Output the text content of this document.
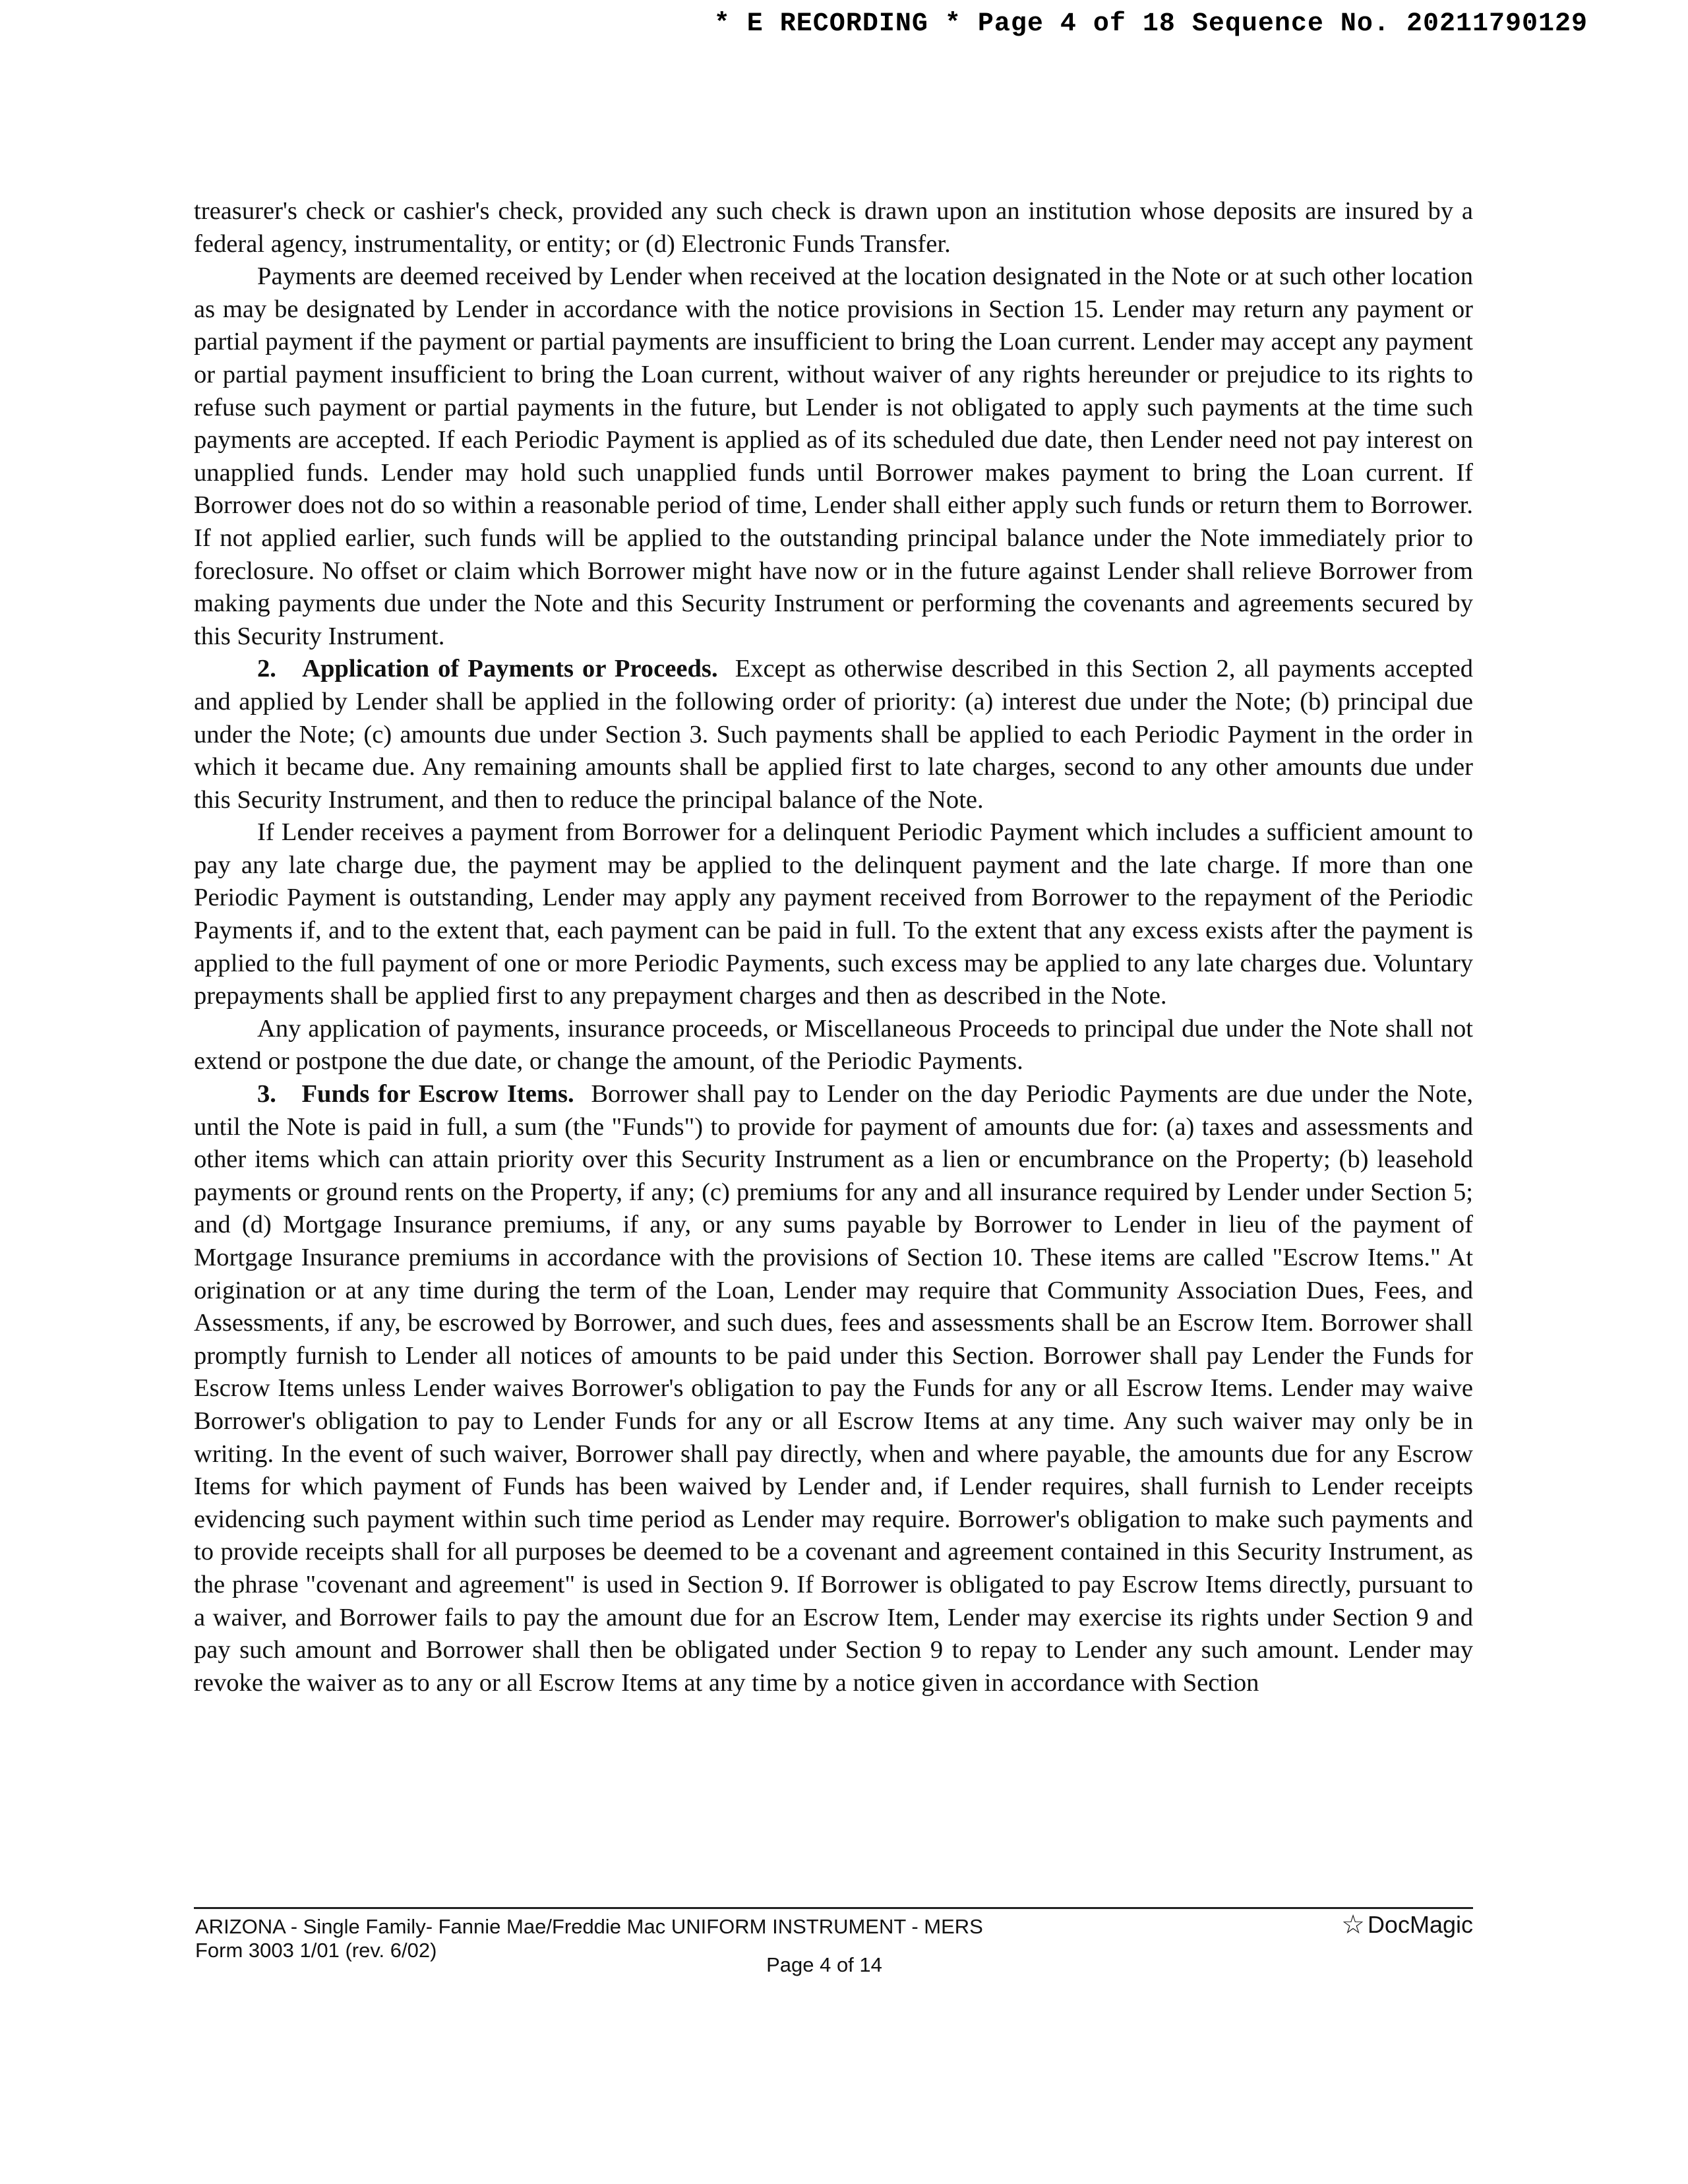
* E RECORDING * Page 4 of 18 Sequence No. 20211790129

treasurer's check or cashier's check, provided any such check is drawn upon an institution whose deposits are insured by a federal agency, instrumentality, or entity; or (d) Electronic Funds Transfer.

Payments are deemed received by Lender when received at the location designated in the Note or at such other location as may be designated by Lender in accordance with the notice provisions in Section 15. Lender may return any payment or partial payment if the payment or partial payments are insufficient to bring the Loan current. Lender may accept any payment or partial payment insufficient to bring the Loan current, without waiver of any rights hereunder or prejudice to its rights to refuse such payment or partial payments in the future, but Lender is not obligated to apply such payments at the time such payments are accepted. If each Periodic Payment is applied as of its scheduled due date, then Lender need not pay interest on unapplied funds. Lender may hold such unapplied funds until Borrower makes payment to bring the Loan current. If Borrower does not do so within a reasonable period of time, Lender shall either apply such funds or return them to Borrower. If not applied earlier, such funds will be applied to the outstanding principal balance under the Note immediately prior to foreclosure. No offset or claim which Borrower might have now or in the future against Lender shall relieve Borrower from making payments due under the Note and this Security Instrument or performing the covenants and agreements secured by this Security Instrument.

2. Application of Payments or Proceeds. Except as otherwise described in this Section 2, all payments accepted and applied by Lender shall be applied in the following order of priority: (a) interest due under the Note; (b) principal due under the Note; (c) amounts due under Section 3. Such payments shall be applied to each Periodic Payment in the order in which it became due. Any remaining amounts shall be applied first to late charges, second to any other amounts due under this Security Instrument, and then to reduce the principal balance of the Note.

If Lender receives a payment from Borrower for a delinquent Periodic Payment which includes a sufficient amount to pay any late charge due, the payment may be applied to the delinquent payment and the late charge. If more than one Periodic Payment is outstanding, Lender may apply any payment received from Borrower to the repayment of the Periodic Payments if, and to the extent that, each payment can be paid in full. To the extent that any excess exists after the payment is applied to the full payment of one or more Periodic Payments, such excess may be applied to any late charges due. Voluntary prepayments shall be applied first to any prepayment charges and then as described in the Note.

Any application of payments, insurance proceeds, or Miscellaneous Proceeds to principal due under the Note shall not extend or postpone the due date, or change the amount, of the Periodic Payments.

3. Funds for Escrow Items. Borrower shall pay to Lender on the day Periodic Payments are due under the Note, until the Note is paid in full, a sum (the "Funds") to provide for payment of amounts due for: (a) taxes and assessments and other items which can attain priority over this Security Instrument as a lien or encumbrance on the Property; (b) leasehold payments or ground rents on the Property, if any; (c) premiums for any and all insurance required by Lender under Section 5; and (d) Mortgage Insurance premiums, if any, or any sums payable by Borrower to Lender in lieu of the payment of Mortgage Insurance premiums in accordance with the provisions of Section 10. These items are called "Escrow Items." At origination or at any time during the term of the Loan, Lender may require that Community Association Dues, Fees, and Assessments, if any, be escrowed by Borrower, and such dues, fees and assessments shall be an Escrow Item. Borrower shall promptly furnish to Lender all notices of amounts to be paid under this Section. Borrower shall pay Lender the Funds for Escrow Items unless Lender waives Borrower's obligation to pay the Funds for any or all Escrow Items. Lender may waive Borrower's obligation to pay to Lender Funds for any or all Escrow Items at any time. Any such waiver may only be in writing. In the event of such waiver, Borrower shall pay directly, when and where payable, the amounts due for any Escrow Items for which payment of Funds has been waived by Lender and, if Lender requires, shall furnish to Lender receipts evidencing such payment within such time period as Lender may require. Borrower's obligation to make such payments and to provide receipts shall for all purposes be deemed to be a covenant and agreement contained in this Security Instrument, as the phrase "covenant and agreement" is used in Section 9. If Borrower is obligated to pay Escrow Items directly, pursuant to a waiver, and Borrower fails to pay the amount due for an Escrow Item, Lender may exercise its rights under Section 9 and pay such amount and Borrower shall then be obligated under Section 9 to repay to Lender any such amount. Lender may revoke the waiver as to any or all Escrow Items at any time by a notice given in accordance with Section

ARIZONA - Single Family- Fannie Mae/Freddie Mac UNIFORM INSTRUMENT - MERS
Form 3003 1/01 (rev. 6/02)
Page 4 of 14
☆ DocMagic
